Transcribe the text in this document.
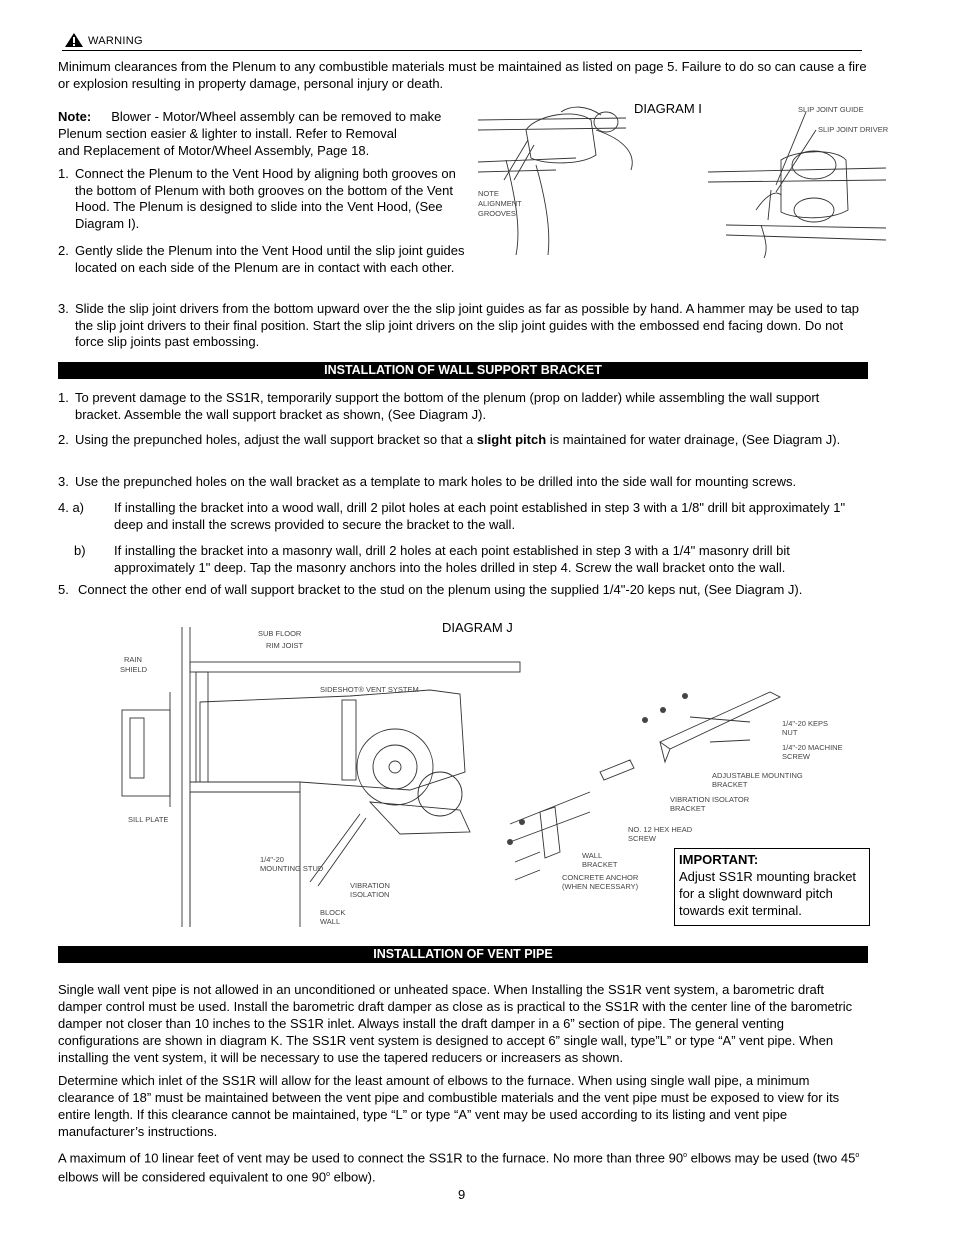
WARNING
Minimum clearances from the Plenum to any combustible materials must be maintained as listed on page 5. Failure to do so can cause a fire or explosion resulting in property damage, personal injury or death.
Note: Blower - Motor/Wheel assembly can be removed to make
Plenum section easier & lighter to install. Refer to Removal
and Replacement of Motor/Wheel Assembly, Page 18.
1. Connect the Plenum to the Vent Hood by aligning both grooves on the bottom of Plenum with both grooves on the bottom of the Vent Hood. The Plenum is designed to slide into the Vent Hood, (See Diagram I).
2. Gently slide the Plenum into the Vent Hood until the slip joint guides located on each side of the Plenum are in contact with each other.
3. Slide the slip joint drivers from the bottom upward over the the slip joint guides as far as possible by hand. A hammer may be used to tap the slip joint drivers to their final position. Start the slip joint drivers on the slip joint guides with the embossed end facing down. Do not force slip joints past embossing.
DIAGRAM I	SLIP JOINT GUIDE
SLIP JOINT DRIVER
NOTE
ALIGNMENT
GROOVES
INSTALLATION OF WALL SUPPORT BRACKET
1. To prevent damage to the SS1R, temporarily support the bottom of the plenum (prop on ladder) while assembling the wall support bracket. Assemble the wall support bracket as shown, (See Diagram J).
2. Using the prepunched holes, adjust the wall support bracket so that a slight pitch is maintained for water drainage, (See Diagram J).
3. Use the prepunched holes on the wall bracket as a template to mark holes to be drilled into the side wall for mounting screws.
4. a) If installing the bracket into a wood wall, drill 2 pilot holes at each point established in step 3 with a 1/8" drill bit approximately 1" deep and install the screws provided to secure the bracket to the wall.
b) If installing the bracket into a masonry wall, drill 2 holes at each point established in step 3 with a 1/4" masonry drill bit approximately 1" deep. Tap the masonry anchors into the holes drilled in step 4. Screw the wall bracket onto the wall.
5. Connect the other end of wall support bracket to the stud on the plenum using the supplied 1/4"-20 keps nut, (See Diagram J).
DIAGRAM J
SUB FLOOR
RIM JOIST
RAIN
SHIELD
SIDESHOT® VENT SYSTEM
SILL PLATE
1/4"-20
MOUNTING STUD
VIBRATION
ISOLATION
BLOCK
WALL
1/4"-20 KEPS
NUT
1/4"-20 MACHINE
SCREW
ADJUSTABLE MOUNTING
BRACKET
VIBRATION ISOLATOR
BRACKET
NO. 12 HEX HEAD
SCREW
WALL
BRACKET
CONCRETE ANCHOR
(WHEN NECESSARY)
IMPORTANT:
Adjust SS1R mounting bracket for a slight downward pitch towards exit terminal.
INSTALLATION OF VENT PIPE
Single wall vent pipe is not allowed in an unconditioned or unheated space. When Installing the SS1R vent system, a barometric draft damper control must be used. Install the barometric draft damper as close as is practical to the SS1R with the center line of the barometric damper not closer than 10 inches to the SS1R inlet. Always install the draft damper in a 6” section of pipe. The general venting configurations are shown in diagram K. The SS1R vent system is designed to accept 6” single wall, type”L” or type “A” vent pipe. When installing the vent system, it will be necessary to use the tapered reducers or increasers as shown.
Determine which inlet of the SS1R will allow for the least amount of elbows to the furnace. When using single wall pipe, a minimum clearance of 18” must be maintained between the vent pipe and combustible materials and the vent pipe must be exposed to view for its entire length. If this clearance cannot be maintained, type “L” or type “A” vent may be used according to its listing and vent pipe manufacturer’s instructions.
A maximum of 10 linear feet of vent may be used to connect the SS1R to the furnace. No more than three 90$^o$ elbows may be used (two 45$^o$ elbows will be considered equivalent to one 90$^o$ elbow).
9
